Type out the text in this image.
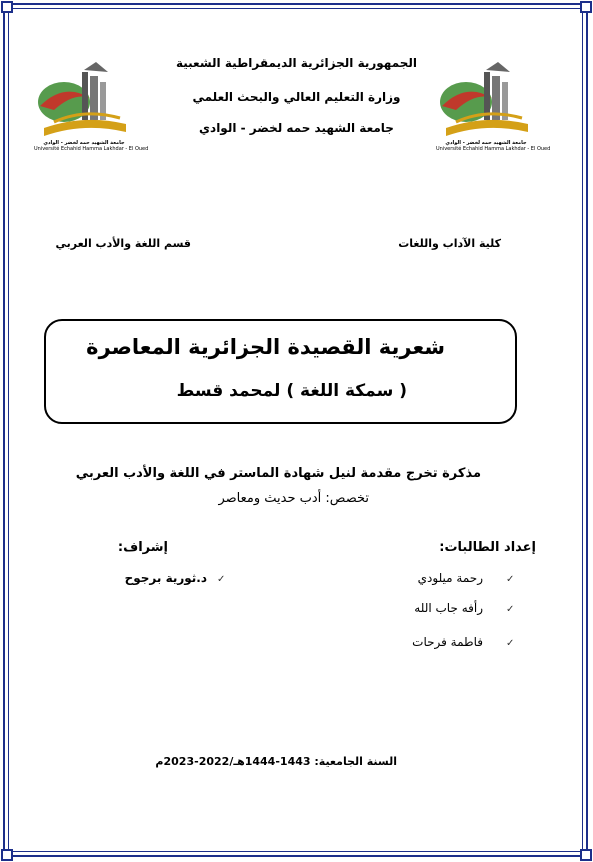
الجمهورية الجزائرية الديمقراطية الشعبية
وزارة التعليم العالي والبحث العلمي
جامعة الشهيد حمه لخضر - الوادي
جامعة الشهيد حمه لخضر - الوادي
Université Echahid Hamma Lakhdar - El Oued
جامعة الشهيد حمه لخضر - الوادي
Université Echahid Hamma Lakhdar - El Oued
كلية الآداب واللغات
قسم اللغة والأدب العربي
شعرية القصيدة الجزائرية المعاصرة
( سمكة اللغة ) لمحمد قسط
مذكرة تخرج مقدمة لنيل شهادة الماستر في اللغة والأدب العربي
تخصص: أدب حديث ومعاصر
إعداد الطالبات:
✓
رحمة ميلودي
✓
رأفه جاب الله
✓
فاطمة فرحات
إشراف:
✓
د.ثورية برجوح
السنة الجامعية: 1443-1444هـ/2022-2023م
